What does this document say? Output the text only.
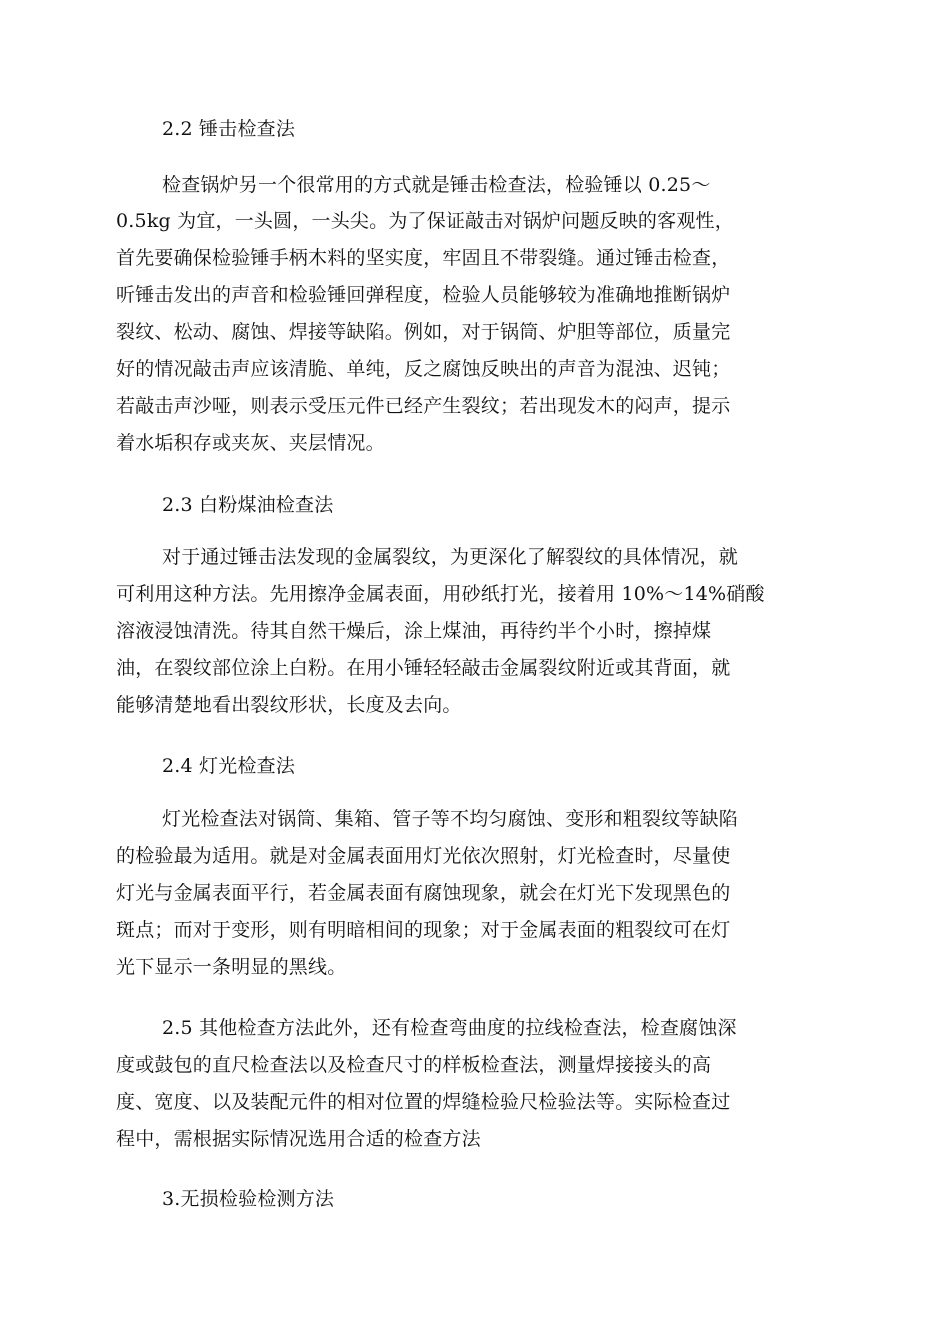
2.2 锤击检查法
检查锅炉另一个很常用的方式就是锤击检查法，检验锤以 0.25～
0.5kg 为宜，一头圆，一头尖。为了保证敲击对锅炉问题反映的客观性，
首先要确保检验锤手柄木料的坚实度，牢固且不带裂缝。通过锤击检查，
听锤击发出的声音和检验锤回弹程度，检验人员能够较为准确地推断锅炉
裂纹、松动、腐蚀、焊接等缺陷。例如，对于锅筒、炉胆等部位，质量完
好的情况敲击声应该清脆、单纯，反之腐蚀反映出的声音为混浊、迟钝；
若敲击声沙哑，则表示受压元件已经产生裂纹；若出现发木的闷声，提示
着水垢积存或夹灰、夹层情况。
2.3 白粉煤油检查法
对于通过锤击法发现的金属裂纹，为更深化了解裂纹的具体情况，就
可利用这种方法。先用擦净金属表面，用砂纸打光，接着用 10%～14%硝酸
溶液浸蚀清洗。待其自然干燥后，涂上煤油，再待约半个小时，擦掉煤
油，在裂纹部位涂上白粉。在用小锤轻轻敲击金属裂纹附近或其背面，就
能够清楚地看出裂纹形状，长度及去向。
2.4 灯光检查法
灯光检查法对锅筒、集箱、管子等不均匀腐蚀、变形和粗裂纹等缺陷
的检验最为适用。就是对金属表面用灯光依次照射，灯光检查时，尽量使
灯光与金属表面平行，若金属表面有腐蚀现象，就会在灯光下发现黑色的
斑点；而对于变形，则有明暗相间的现象；对于金属表面的粗裂纹可在灯
光下显示一条明显的黑线。
2.5 其他检查方法此外，还有检查弯曲度的拉线检查法，检查腐蚀深
度或鼓包的直尺检查法以及检查尺寸的样板检查法，测量焊接接头的高
度、宽度、以及装配元件的相对位置的焊缝检验尺检验法等。实际检查过
程中，需根据实际情况选用合适的检查方法
3.无损检验检测方法
